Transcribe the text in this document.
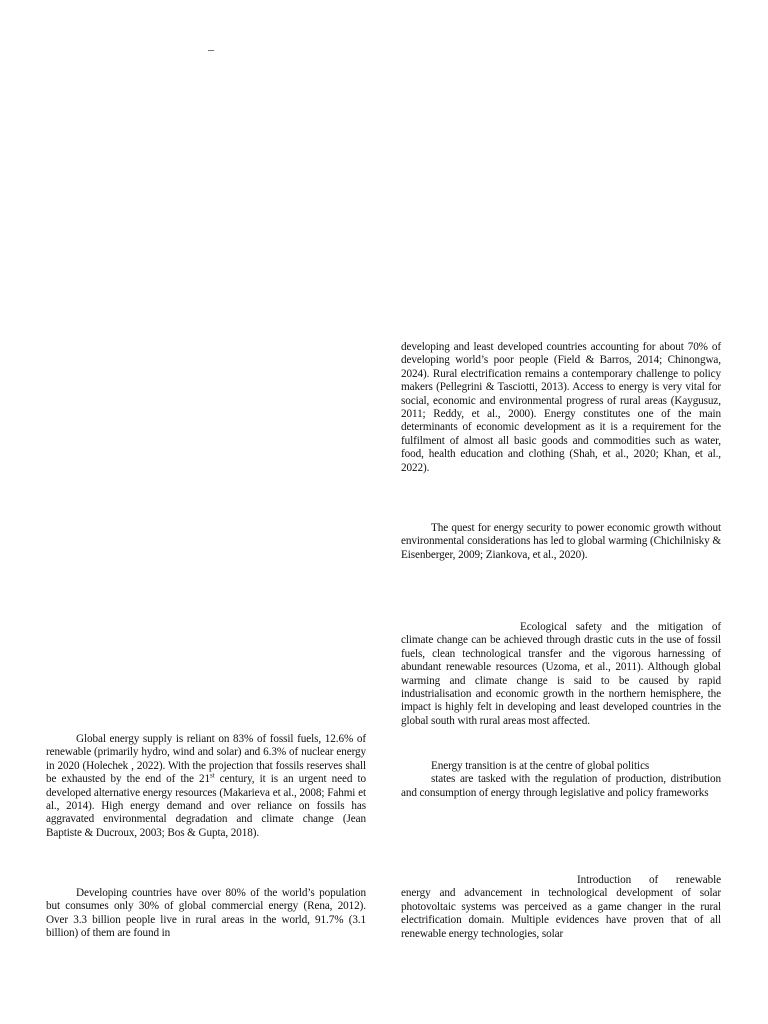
–

Global energy supply is reliant on 83% of fossil fuels, 12.6% of renewable (primarily hydro, wind and solar) and 6.3% of nuclear energy in 2020 (Holechek , 2022). With the projection that fossils reserves shall be exhausted by the end of the 21st century, it is an urgent need to developed alternative energy resources (Makarieva et al., 2008; Fahmi et al., 2014). High energy demand and over reliance on fossils has aggravated environmental degradation and climate change (Jean Baptiste & Ducroux, 2003; Bos & Gupta, 2018).

Developing countries have over 80% of the world’s population but consumes only 30% of global commercial energy (Rena, 2012). Over 3.3 billion people live in rural areas in the world, 91.7% (3.1 billion) of them are found in

developing and least developed countries accounting for about 70% of developing world’s poor people (Field & Barros, 2014; Chinongwa, 2024). Rural electrification remains a contemporary challenge to policy makers (Pellegrini & Tasciotti, 2013). Access to energy is very vital for social, economic and environmental progress of rural areas (Kaygusuz, 2011; Reddy, et al., 2000). Energy constitutes one of the main determinants of economic development as it is a requirement for the fulfilment of almost all basic goods and commodities such as water, food, health education and clothing (Shah, et al., 2020; Khan, et al., 2022).

The quest for energy security to power economic growth without environmental considerations has led to global warming (Chichilnisky & Eisenberger, 2009; Ziankova, et al., 2020).

Ecological safety and the mitigation of climate change can be achieved through drastic cuts in the use of fossil fuels, clean technological transfer and the vigorous harnessing of abundant renewable resources (Uzoma, et al., 2011). Although global warming and climate change is said to be caused by rapid industrialisation and economic growth in the northern hemisphere, the impact is highly felt in developing and least developed countries in the global south with rural areas most affected.

Energy transition is at the centre of global politics
states are tasked with the regulation of production, distribution and consumption of energy through legislative and policy frameworks

Introduction of renewable energy and advancement in technological development of solar photovoltaic systems was perceived as a game changer in the rural electrification domain. Multiple evidences have proven that of all renewable energy technologies, solar
